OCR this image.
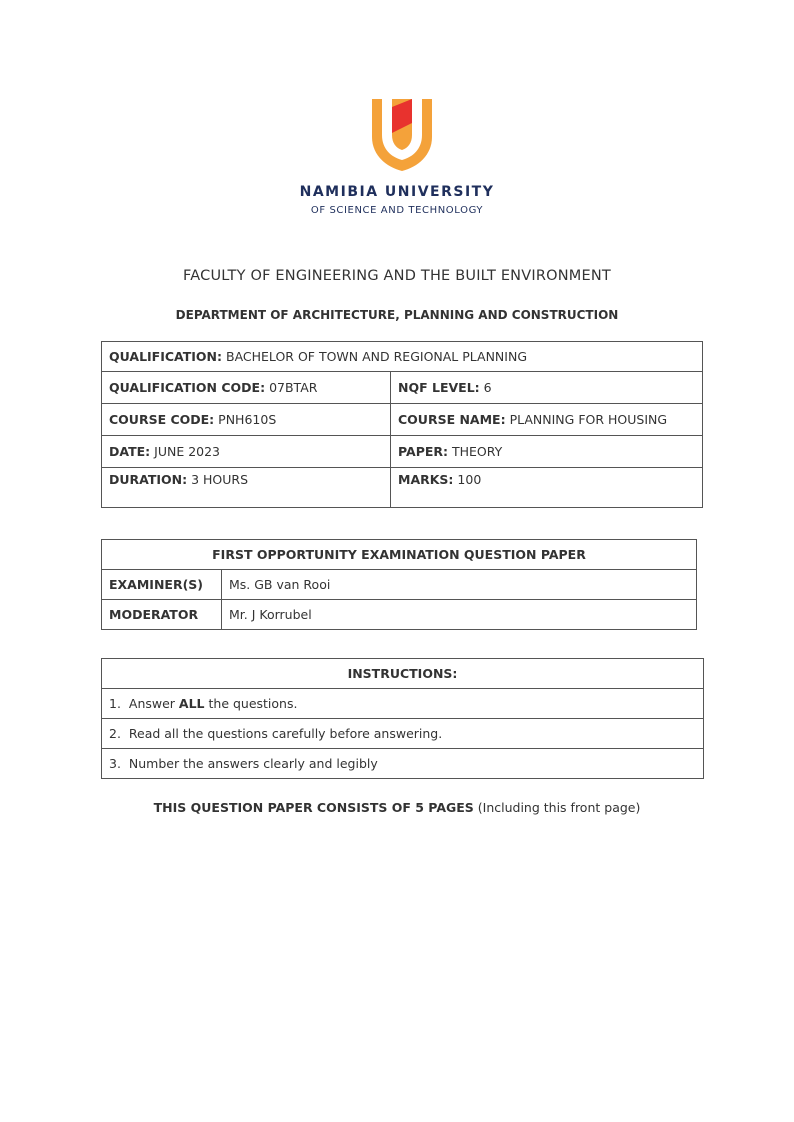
NAMIBIA UNIVERSITY
OF SCIENCE AND TECHNOLOGY
FACULTY OF ENGINEERING AND THE BUILT ENVIRONMENT
DEPARTMENT OF ARCHITECTURE, PLANNING AND CONSTRUCTION
QUALIFICATION: BACHELOR OF TOWN AND REGIONAL PLANNING	
QUALIFICATION CODE: 07BTAR	NQF LEVEL: 6
COURSE CODE: PNH610S	COURSE NAME: PLANNING FOR HOUSING
DATE: JUNE 2023	PAPER: THEORY
DURATION: 3 HOURS	MARKS: 100
FIRST OPPORTUNITY EXAMINATION QUESTION PAPER	
EXAMINER(S)	Ms. GB van Rooi
MODERATOR	Mr. J Korrubel
INSTRUCTIONS:
1. Answer ALL the questions.
2. Read all the questions carefully before answering.
3. Number the answers clearly and legibly
THIS QUESTION PAPER CONSISTS OF 5 PAGES (Including this front page)
